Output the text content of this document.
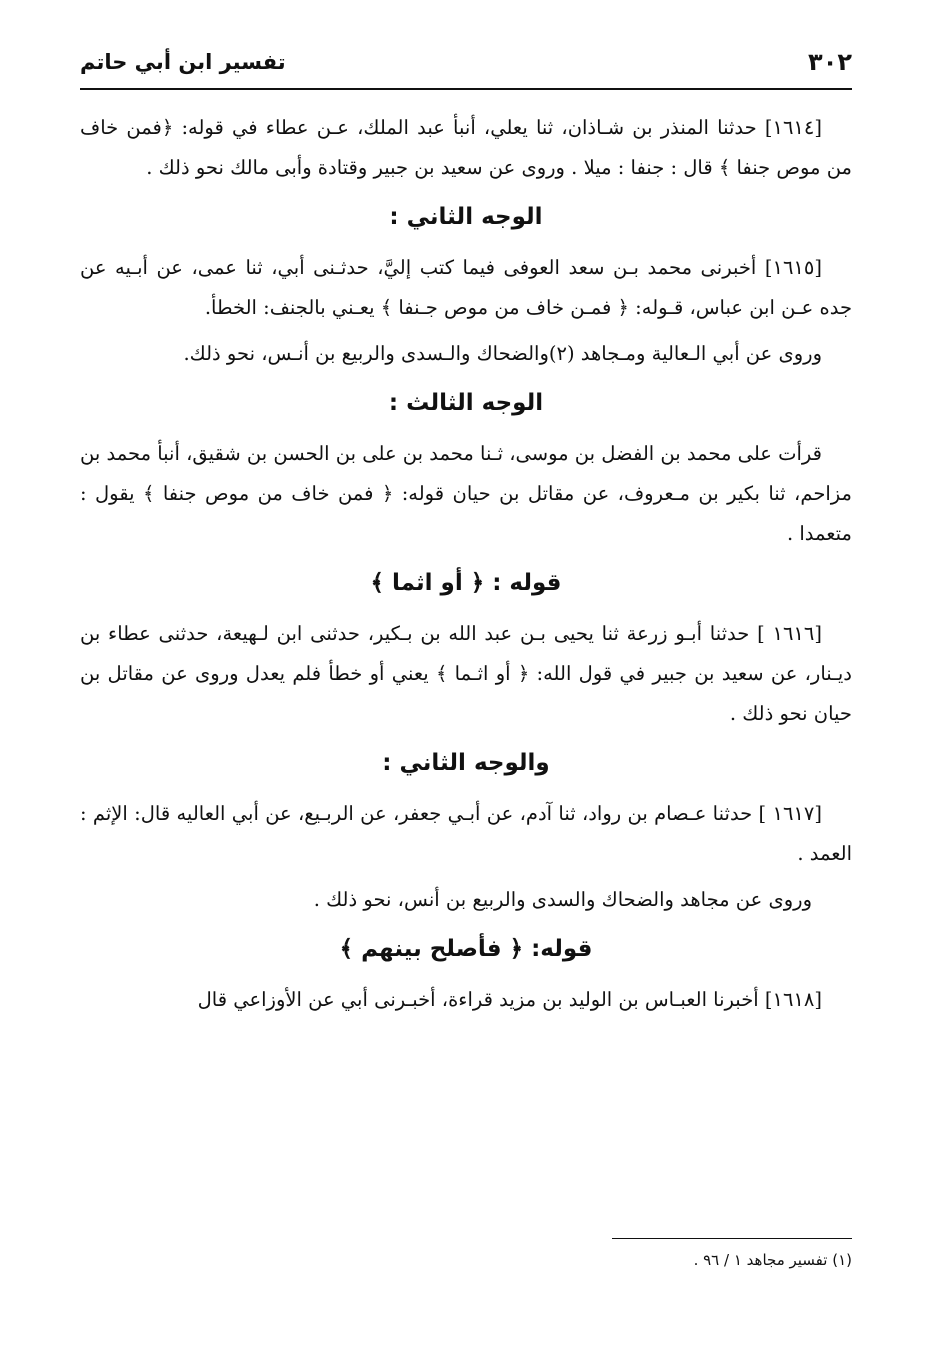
٣٠٢
تفسير ابن أبي حاتم

[١٦١٤] حدثنا المنذر بن شـاذان، ثنا يعلي، أنبأ عبد الملك، عـن عطاء في قوله: ﴿فمن خاف من موص جنفا ﴾ قال : جنفا : ميلا . وروى عن سعيد بن جبير وقتادة وأبى مالك نحو ذلك .

الوجه الثاني :

[١٦١٥] أخبرنى محمد بـن سعد العوفى فيما كتب إليَّ، حدثـنى أبي، ثنا عمى، عن أبـيه عن جده عـن ابن عباس، قـوله: ﴿ فمـن خاف من موص جـنفا ﴾ يعـني بالجنف: الخطأ.

وروى عن أبي الـعالية ومـجاهد (٢)والضحاك والـسدى والربيع بن أنـس، نحو ذلك.

الوجه الثالث :

قرأت على محمد بن الفضل بن موسى، ثـنا محمد بن على بن الحسن بن شقيق، أنبأ محمد بن مزاحم، ثنا بكير بن مـعروف، عن مقاتل بن حيان قوله: ﴿ فمن خاف من موص جنفا ﴾ يقول : متعمدا .

قوله : ﴿ أو اثما ﴾

[١٦١٦ ] حدثنا أبـو زرعة ثنا يحيى بـن عبد الله بن بـكير، حدثنى ابن لـهيعة، حدثنى عطاء بن ديـنار، عن سعيد بن جبير في قول الله: ﴿ أو اثـما ﴾ يعني أو خطأ فلم يعدل وروى عن مقاتل بن حيان نحو ذلك .

والوجه الثاني :

[١٦١٧ ] حدثنا عـصام بن رواد، ثنا آدم، عن أبـي جعفر، عن الربـيع، عن أبي العاليه قال: الإثم : العمد .

وروى عن مجاهد والضحاك والسدى والربيع بن أنس، نحو ذلك .

قوله: ﴿ فأصلح بينهم ﴾

[١٦١٨] أخبرنا العبـاس بن الوليد بن مزيد قراءة، أخبـرنى أبي عن الأوزاعي قال

(١) تفسير مجاهد ١ / ٩٦ .
